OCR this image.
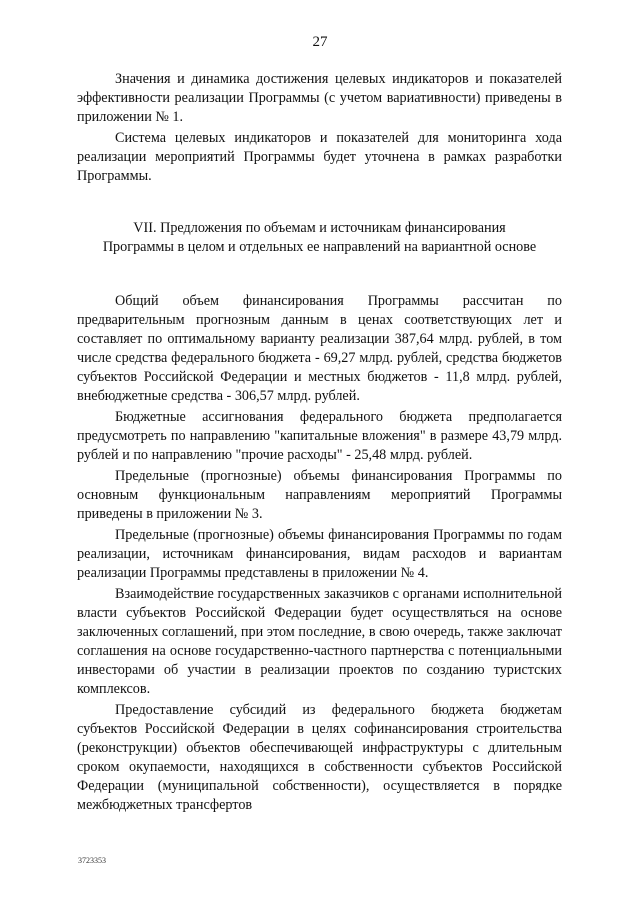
27

Значения и динамика достижения целевых индикаторов и показателей эффективности реализации Программы (с учетом вариативности) приведены в приложении № 1.

Система целевых индикаторов и показателей для мониторинга хода реализации мероприятий Программы будет уточнена в рамках разработки Программы.

VII. Предложения по объемам и источникам финансирования
Программы в целом и отдельных ее направлений на вариантной основе

Общий объем финансирования Программы рассчитан по предварительным прогнозным данным в ценах соответствующих лет и составляет по оптимальному варианту реализации 387,64 млрд. рублей, в том числе средства федерального бюджета - 69,27 млрд. рублей, средства бюджетов субъектов Российской Федерации и местных бюджетов - 11,8 млрд. рублей, внебюджетные средства - 306,57 млрд. рублей.

Бюджетные ассигнования федерального бюджета предполагается предусмотреть по направлению "капитальные вложения" в размере 43,79 млрд. рублей и по направлению "прочие расходы" - 25,48 млрд. рублей.

Предельные (прогнозные) объемы финансирования Программы по основным функциональным направлениям мероприятий Программы приведены в приложении № 3.

Предельные (прогнозные) объемы финансирования Программы по годам реализации, источникам финансирования, видам расходов и вариантам реализации Программы представлены в приложении № 4.

Взаимодействие государственных заказчиков с органами исполнительной власти субъектов Российской Федерации будет осуществляться на основе заключенных соглашений, при этом последние, в свою очередь, также заключат соглашения на основе государственно-частного партнерства с потенциальными инвесторами об участии в реализации проектов по созданию туристских комплексов.

Предоставление субсидий из федерального бюджета бюджетам субъектов Российской Федерации в целях софинансирования строительства (реконструкции) объектов обеспечивающей инфраструктуры с длительным сроком окупаемости, находящихся в собственности субъектов Российской Федерации (муниципальной собственности), осуществляется в порядке межбюджетных трансфертов

3723353
